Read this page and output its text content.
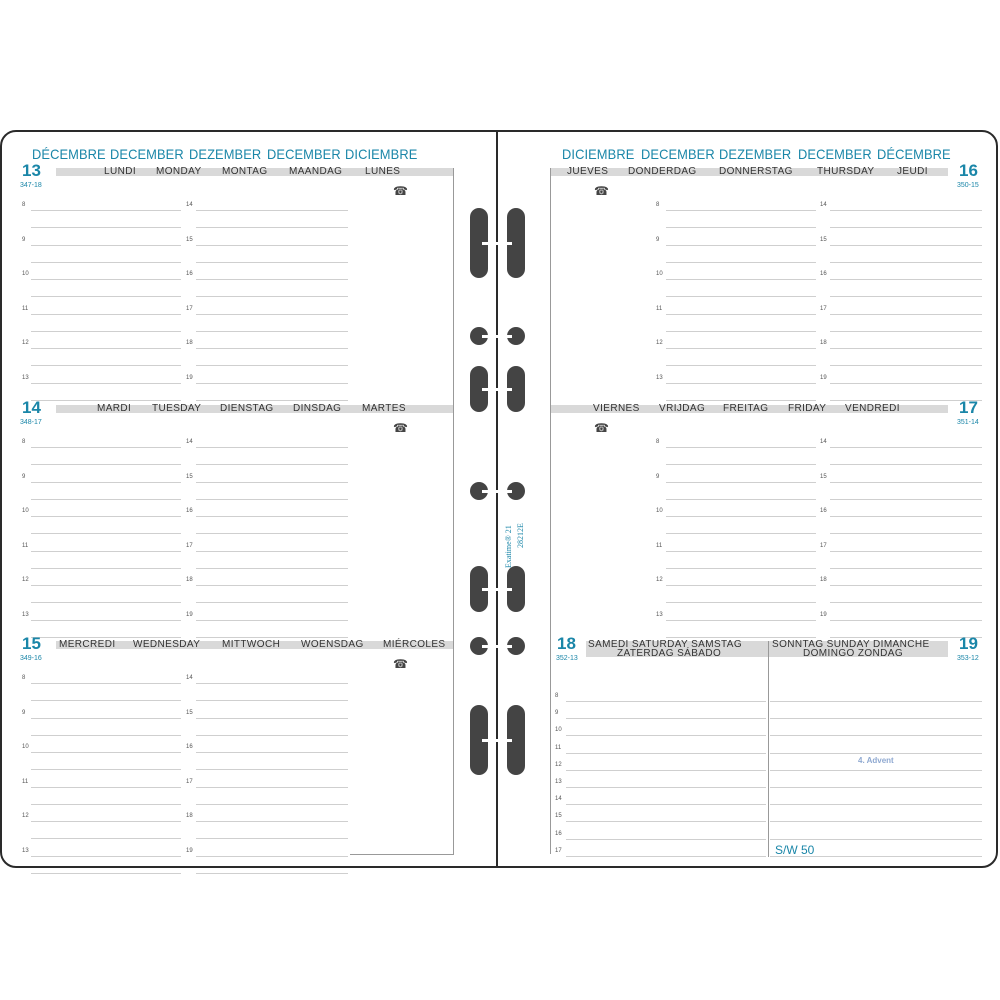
DÉCEMBRE DECEMBER DEZEMBER DECEMBER DICIEMBRE	DICIEMBRE DECEMBER DEZEMBER DECEMBER DÉCEMBRE
13
347-18
LUNDI MONDAY MONTAG MAANDAG LUNES
☎
8	14
9	15
10	16
11	17
12	18
13	19
14
348-17
MARDI TUESDAY DIENSTAG DINSDAG MARTES
☎
8	14
9	15
10	16
11	17
12	18
13	19
15
349-16
MERCREDI WEDNESDAY MITTWOCH WOENSDAG MIÉRCOLES
☎
8	14
9	15
10	16
11	17
12	18
13	19
16
350-15
JUEVES DONDERDAG DONNERSTAG THURSDAY JEUDI
☎
8	14
9	15
10	16
11	17
12	18
13	19
17
351-14
VIERNES VRIJDAG FREITAG FRIDAY VENDREDI
☎
8	14
9	15
10	16
11	17
12	18
13	19
18
352-13
19
353-12
SAMEDI SATURDAY SAMSTAG
ZATERDAG SÁBADO
SONNTAG SUNDAY DIMANCHE
DOMINGO ZONDAG
8
9
10
11
12
13
14
15
16
17
4. Advent
S/W 50
Exatime® 21 28212E
